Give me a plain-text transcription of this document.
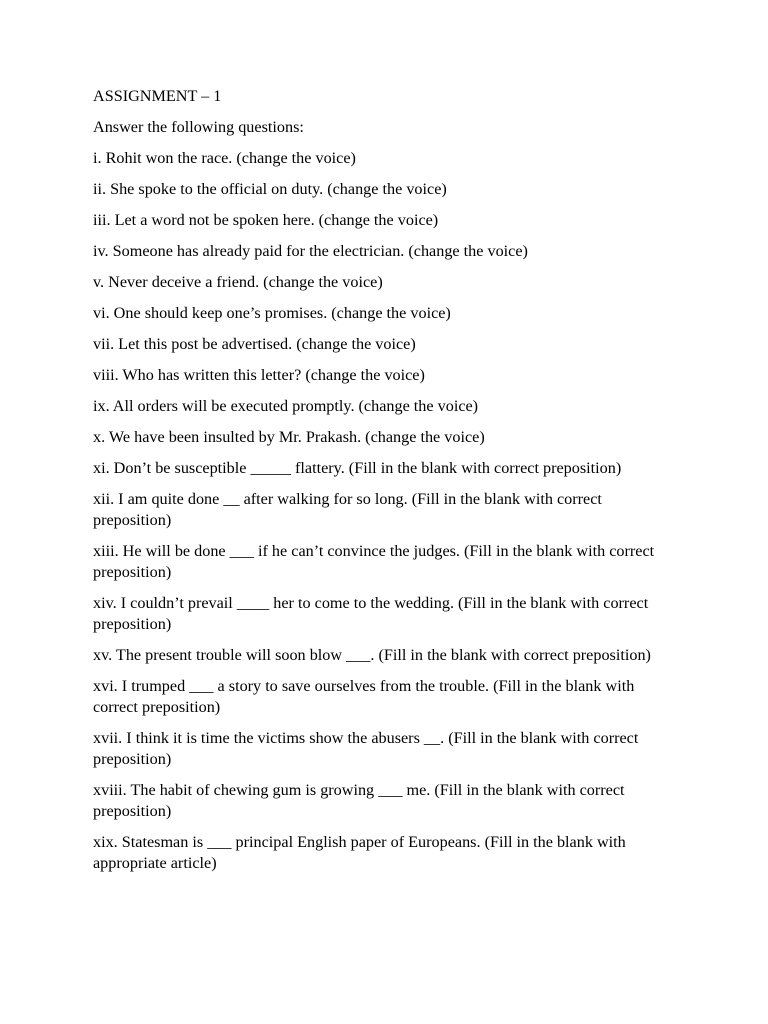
ASSIGNMENT – 1
Answer the following questions:
i. Rohit won the race. (change the voice)
ii. She spoke to the official on duty. (change the voice)
iii. Let a word not be spoken here. (change the voice)
iv. Someone has already paid for the electrician. (change the voice)
v. Never deceive a friend. (change the voice)
vi. One should keep one’s promises. (change the voice)
vii. Let this post be advertised. (change the voice)
viii. Who has written this letter? (change the voice)
ix. All orders will be executed promptly. (change the voice)
x. We have been insulted by Mr. Prakash. (change the voice)
xi. Don’t be susceptible _____ flattery. (Fill in the blank with correct preposition)
xii. I am quite done __ after walking for so long. (Fill in the blank with correct preposition)
xiii. He will be done ___ if he can’t convince the judges. (Fill in the blank with correct preposition)
xiv. I couldn’t prevail ____ her to come to the wedding. (Fill in the blank with correct preposition)
xv. The present trouble will soon blow ___. (Fill in the blank with correct preposition)
xvi. I trumped ___ a story to save ourselves from the trouble. (Fill in the blank with correct preposition)
xvii. I think it is time the victims show the abusers __. (Fill in the blank with correct preposition)
xviii. The habit of chewing gum is growing ___ me. (Fill in the blank with correct preposition)
xix. Statesman is ___ principal English paper of Europeans. (Fill in the blank with appropriate article)
